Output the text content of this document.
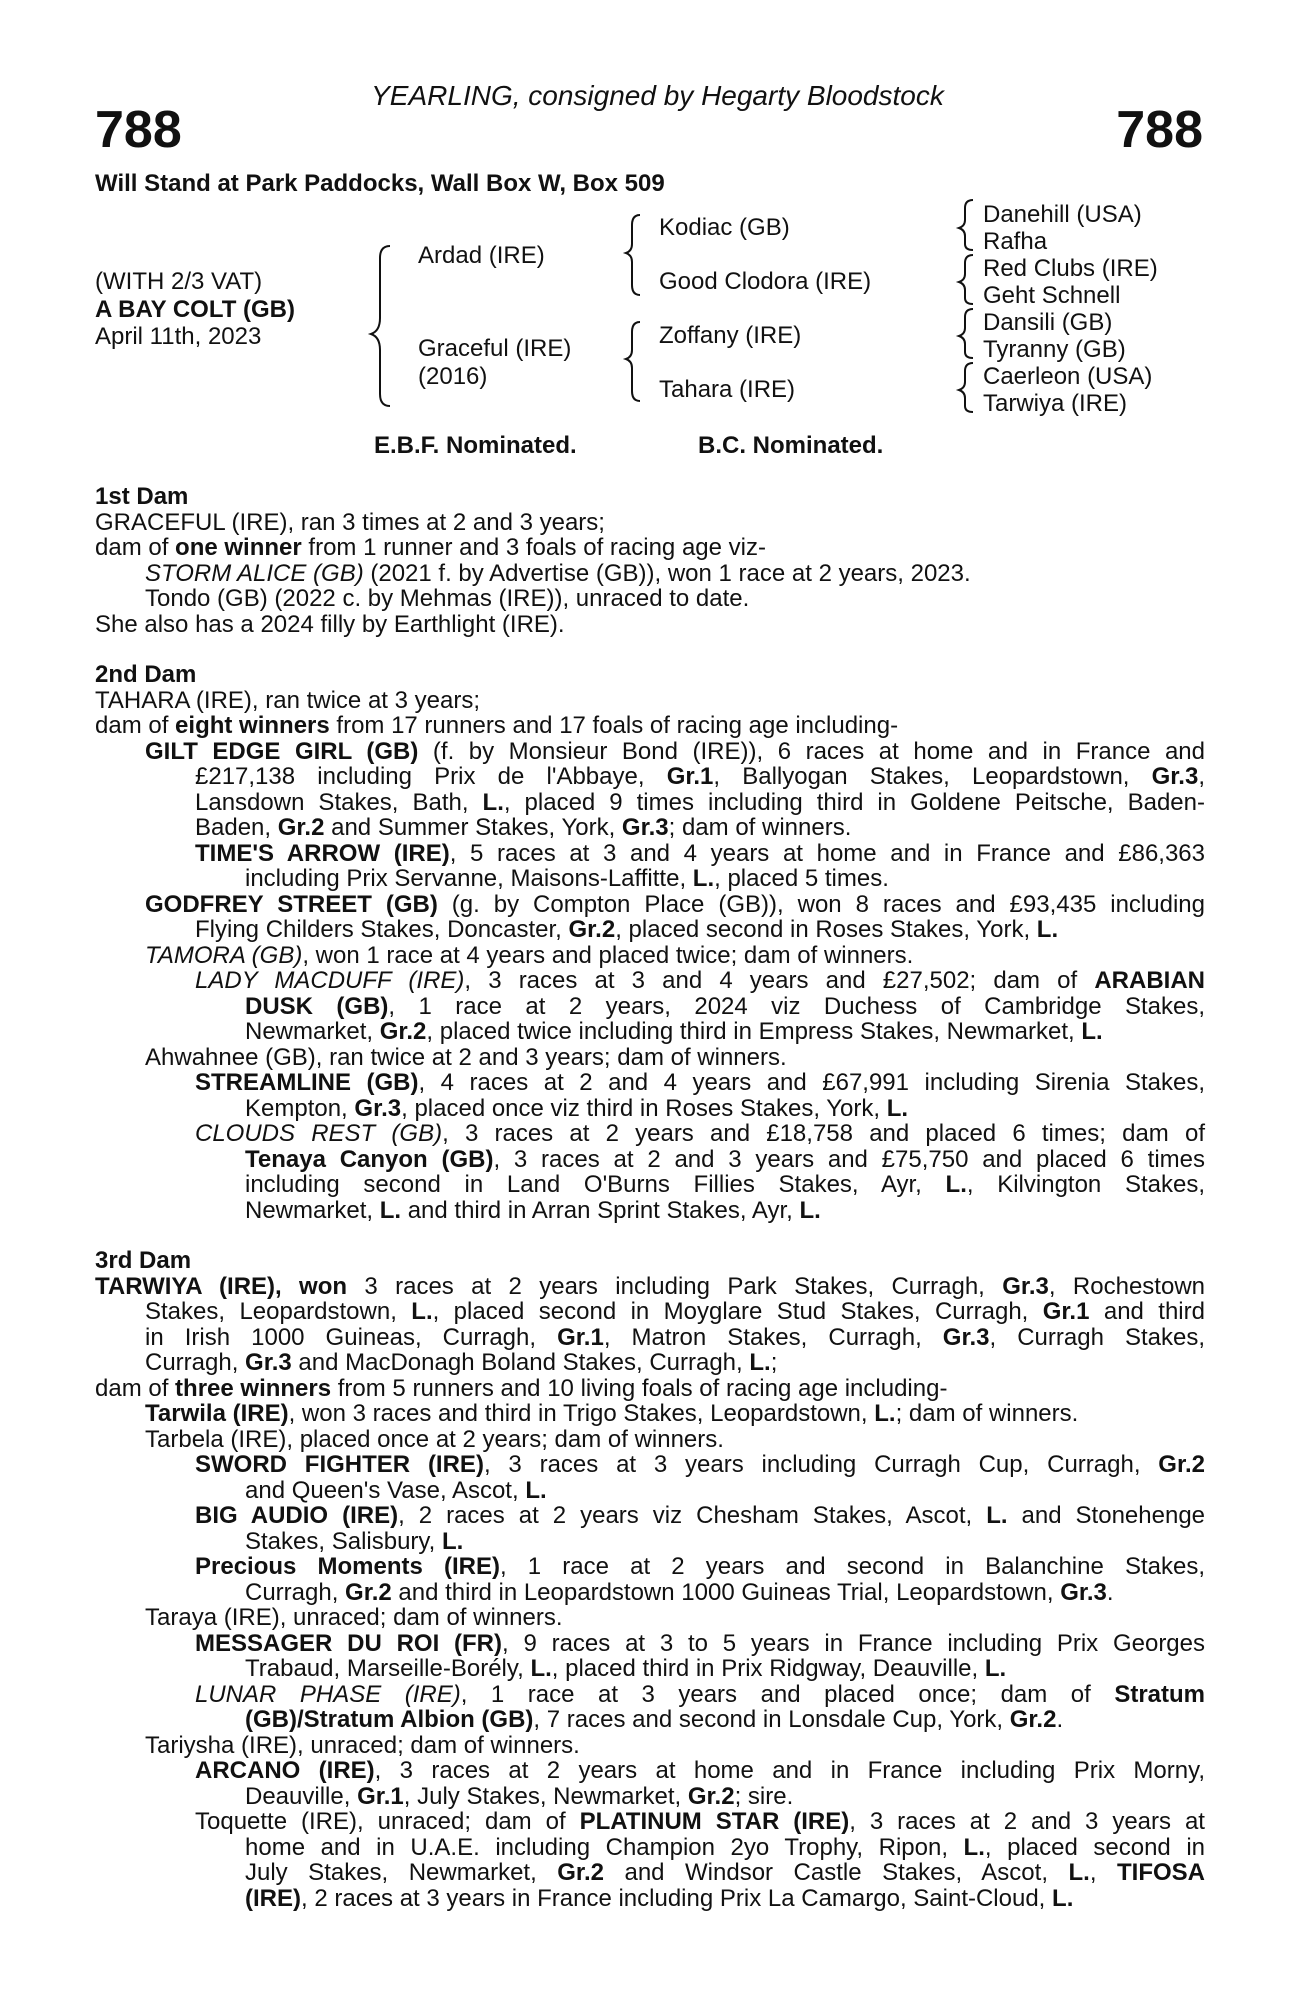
YEARLING, consigned by Hegarty Bloodstock
788	788
Will Stand at Park Paddocks, Wall Box W, Box 509
(WITH 2/3 VAT)
A BAY COLT (GB)
April 11th, 2023
Ardad (IRE)
Graceful (IRE)
(2016)
Kodiac (GB)
Good Clodora (IRE)
Zoffany (IRE)
Tahara (IRE)
Danehill (USA)
Rafha
Red Clubs (IRE)
Geht Schnell
Dansili (GB)
Tyranny (GB)
Caerleon (USA)
Tarwiya (IRE)
E.B.F. Nominated.	B.C. Nominated.
1st Dam
GRACEFUL (IRE), ran 3 times at 2 and 3 years;
dam of one winner from 1 runner and 3 foals of racing age viz-
STORM ALICE (GB) (2021 f. by Advertise (GB)), won 1 race at 2 years, 2023.
Tondo (GB) (2022 c. by Mehmas (IRE)), unraced to date.
She also has a 2024 filly by Earthlight (IRE).
2nd Dam
TAHARA (IRE), ran twice at 3 years;
dam of eight winners from 17 runners and 17 foals of racing age including-
GILT EDGE GIRL (GB) (f. by Monsieur Bond (IRE)), 6 races at home and in France and
£217,138 including Prix de l'Abbaye, Gr.1, Ballyogan Stakes, Leopardstown, Gr.3,
Lansdown Stakes, Bath, L., placed 9 times including third in Goldene Peitsche, Baden-
Baden, Gr.2 and Summer Stakes, York, Gr.3; dam of winners.
TIME'S ARROW (IRE), 5 races at 3 and 4 years at home and in France and £86,363
including Prix Servanne, Maisons-Laffitte, L., placed 5 times.
GODFREY STREET (GB) (g. by Compton Place (GB)), won 8 races and £93,435 including
Flying Childers Stakes, Doncaster, Gr.2, placed second in Roses Stakes, York, L.
TAMORA (GB), won 1 race at 4 years and placed twice; dam of winners.
LADY MACDUFF (IRE), 3 races at 3 and 4 years and £27,502; dam of ARABIAN
DUSK (GB), 1 race at 2 years, 2024 viz Duchess of Cambridge Stakes,
Newmarket, Gr.2, placed twice including third in Empress Stakes, Newmarket, L.
Ahwahnee (GB), ran twice at 2 and 3 years; dam of winners.
STREAMLINE (GB), 4 races at 2 and 4 years and £67,991 including Sirenia Stakes,
Kempton, Gr.3, placed once viz third in Roses Stakes, York, L.
CLOUDS REST (GB), 3 races at 2 years and £18,758 and placed 6 times; dam of
Tenaya Canyon (GB), 3 races at 2 and 3 years and £75,750 and placed 6 times
including second in Land O'Burns Fillies Stakes, Ayr, L., Kilvington Stakes,
Newmarket, L. and third in Arran Sprint Stakes, Ayr, L.
3rd Dam
TARWIYA (IRE), won 3 races at 2 years including Park Stakes, Curragh, Gr.3, Rochestown
Stakes, Leopardstown, L., placed second in Moyglare Stud Stakes, Curragh, Gr.1 and third
in Irish 1000 Guineas, Curragh, Gr.1, Matron Stakes, Curragh, Gr.3, Curragh Stakes,
Curragh, Gr.3 and MacDonagh Boland Stakes, Curragh, L.;
dam of three winners from 5 runners and 10 living foals of racing age including-
Tarwila (IRE), won 3 races and third in Trigo Stakes, Leopardstown, L.; dam of winners.
Tarbela (IRE), placed once at 2 years; dam of winners.
SWORD FIGHTER (IRE), 3 races at 3 years including Curragh Cup, Curragh, Gr.2
and Queen's Vase, Ascot, L.
BIG AUDIO (IRE), 2 races at 2 years viz Chesham Stakes, Ascot, L. and Stonehenge
Stakes, Salisbury, L.
Precious Moments (IRE), 1 race at 2 years and second in Balanchine Stakes,
Curragh, Gr.2 and third in Leopardstown 1000 Guineas Trial, Leopardstown, Gr.3.
Taraya (IRE), unraced; dam of winners.
MESSAGER DU ROI (FR), 9 races at 3 to 5 years in France including Prix Georges
Trabaud, Marseille-Borély, L., placed third in Prix Ridgway, Deauville, L.
LUNAR PHASE (IRE), 1 race at 3 years and placed once; dam of Stratum
(GB)/Stratum Albion (GB), 7 races and second in Lonsdale Cup, York, Gr.2.
Tariysha (IRE), unraced; dam of winners.
ARCANO (IRE), 3 races at 2 years at home and in France including Prix Morny,
Deauville, Gr.1, July Stakes, Newmarket, Gr.2; sire.
Toquette (IRE), unraced; dam of PLATINUM STAR (IRE), 3 races at 2 and 3 years at
home and in U.A.E. including Champion 2yo Trophy, Ripon, L., placed second in
July Stakes, Newmarket, Gr.2 and Windsor Castle Stakes, Ascot, L., TIFOSA
(IRE), 2 races at 3 years in France including Prix La Camargo, Saint-Cloud, L.
